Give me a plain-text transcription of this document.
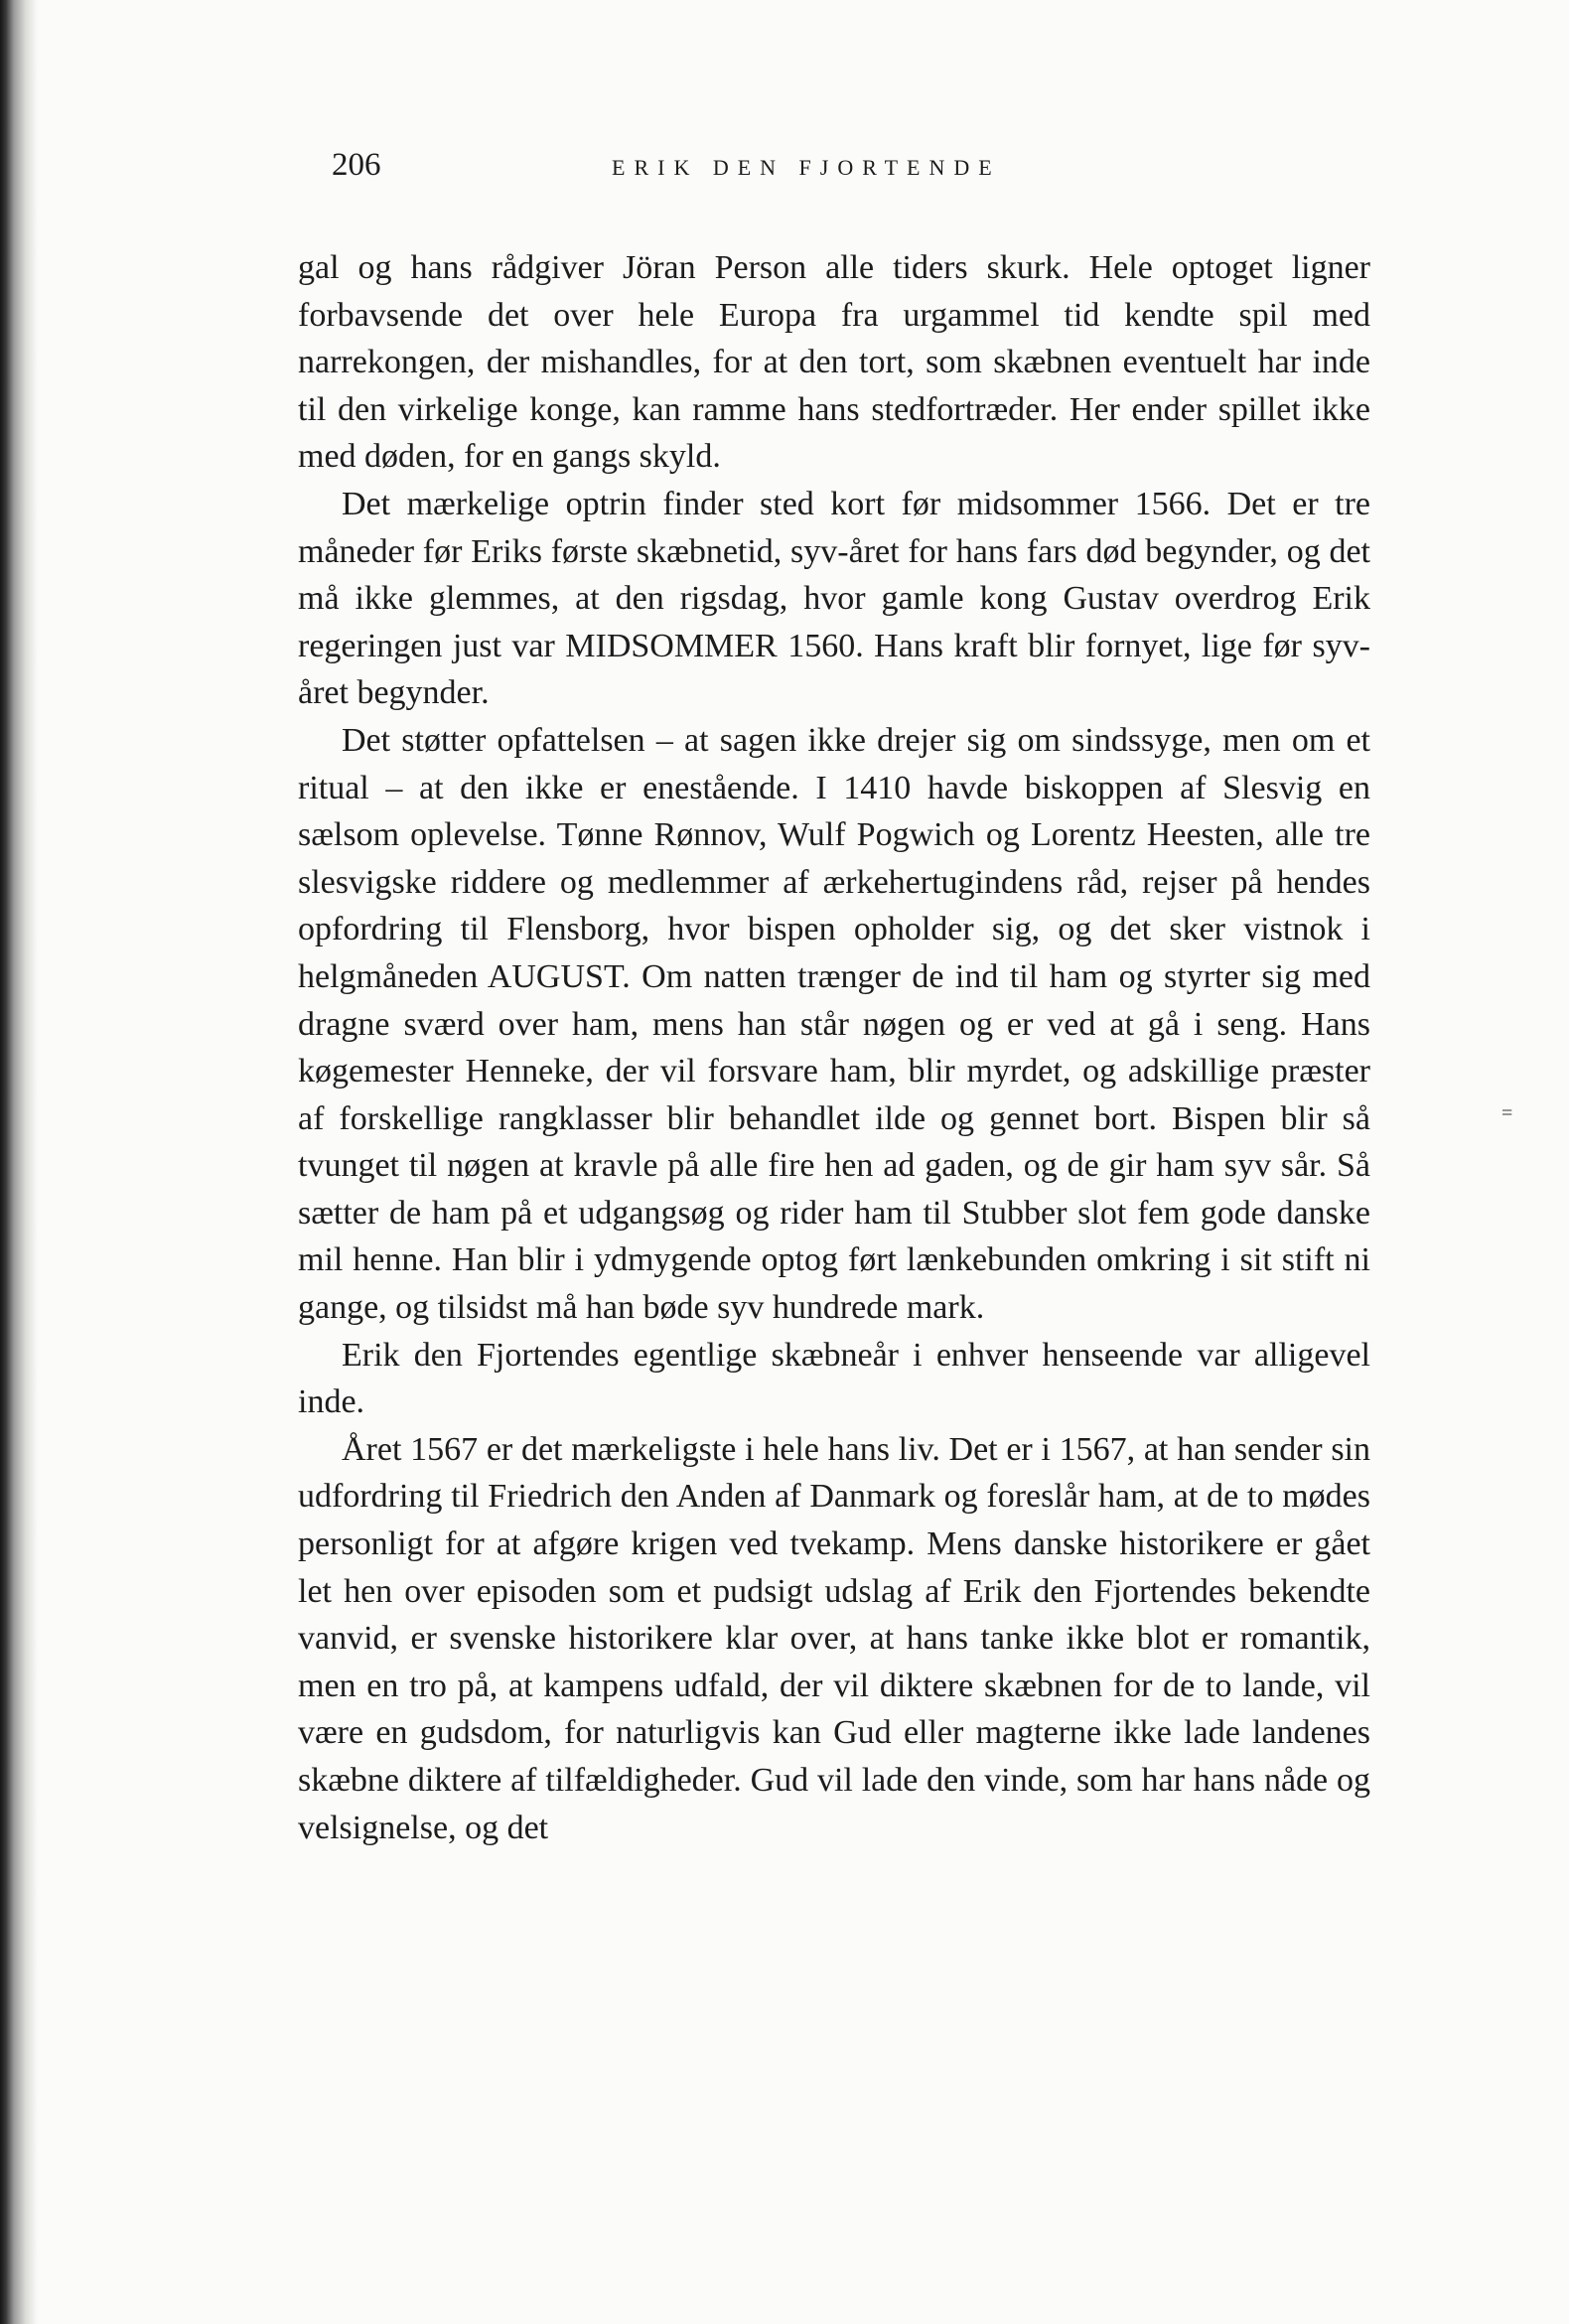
206	ERIK DEN FJORTENDE

gal og hans rådgiver Jöran Person alle tiders skurk. Hele optoget ligner forbavsende det over hele Europa fra urgammel tid kendte spil med narrekongen, der mishandles, for at den tort, som skæbnen eventuelt har inde til den virkelige konge, kan ramme hans stedfortræder. Her ender spillet ikke med døden, for en gangs skyld.

Det mærkelige optrin finder sted kort før midsommer 1566. Det er tre måneder før Eriks første skæbnetid, syv-året for hans fars død begynder, og det må ikke glemmes, at den rigsdag, hvor gamle kong Gustav overdrog Erik regeringen just var MIDSOMMER 1560. Hans kraft blir fornyet, lige før syv-året begynder.

Det støtter opfattelsen – at sagen ikke drejer sig om sindssyge, men om et ritual – at den ikke er enestående. I 1410 havde biskoppen af Slesvig en sælsom oplevelse. Tønne Rønnov, Wulf Pogwich og Lorentz Heesten, alle tre slesvigske riddere og medlemmer af ærkehertugindens råd, rejser på hendes opfordring til Flensborg, hvor bispen opholder sig, og det sker vistnok i helgmåneden AUGUST. Om natten trænger de ind til ham og styrter sig med dragne sværd over ham, mens han står nøgen og er ved at gå i seng. Hans køgemester Henneke, der vil forsvare ham, blir myrdet, og adskillige præster af forskellige rangklasser blir behandlet ilde og gennet bort. Bispen blir så tvunget til nøgen at kravle på alle fire hen ad gaden, og de gir ham syv sår. Så sætter de ham på et udgangsøg og rider ham til Stubber slot fem gode danske mil henne. Han blir i ydmygende optog ført lænkebunden omkring i sit stift ni gange, og tilsidst må han bøde syv hundrede mark.

Erik den Fjortendes egentlige skæbneår i enhver henseende var alligevel inde.

Året 1567 er det mærkeligste i hele hans liv. Det er i 1567, at han sender sin udfordring til Friedrich den Anden af Danmark og foreslår ham, at de to mødes personligt for at afgøre krigen ved tvekamp. Mens danske historikere er gået let hen over episoden som et pudsigt udslag af Erik den Fjortendes bekendte vanvid, er svenske historikere klar over, at hans tanke ikke blot er romantik, men en tro på, at kampens udfald, der vil diktere skæbnen for de to lande, vil være en gudsdom, for naturligvis kan Gud eller magterne ikke lade landenes skæbne diktere af tilfældigheder. Gud vil lade den vinde, som har hans nåde og velsignelse, og det

=
